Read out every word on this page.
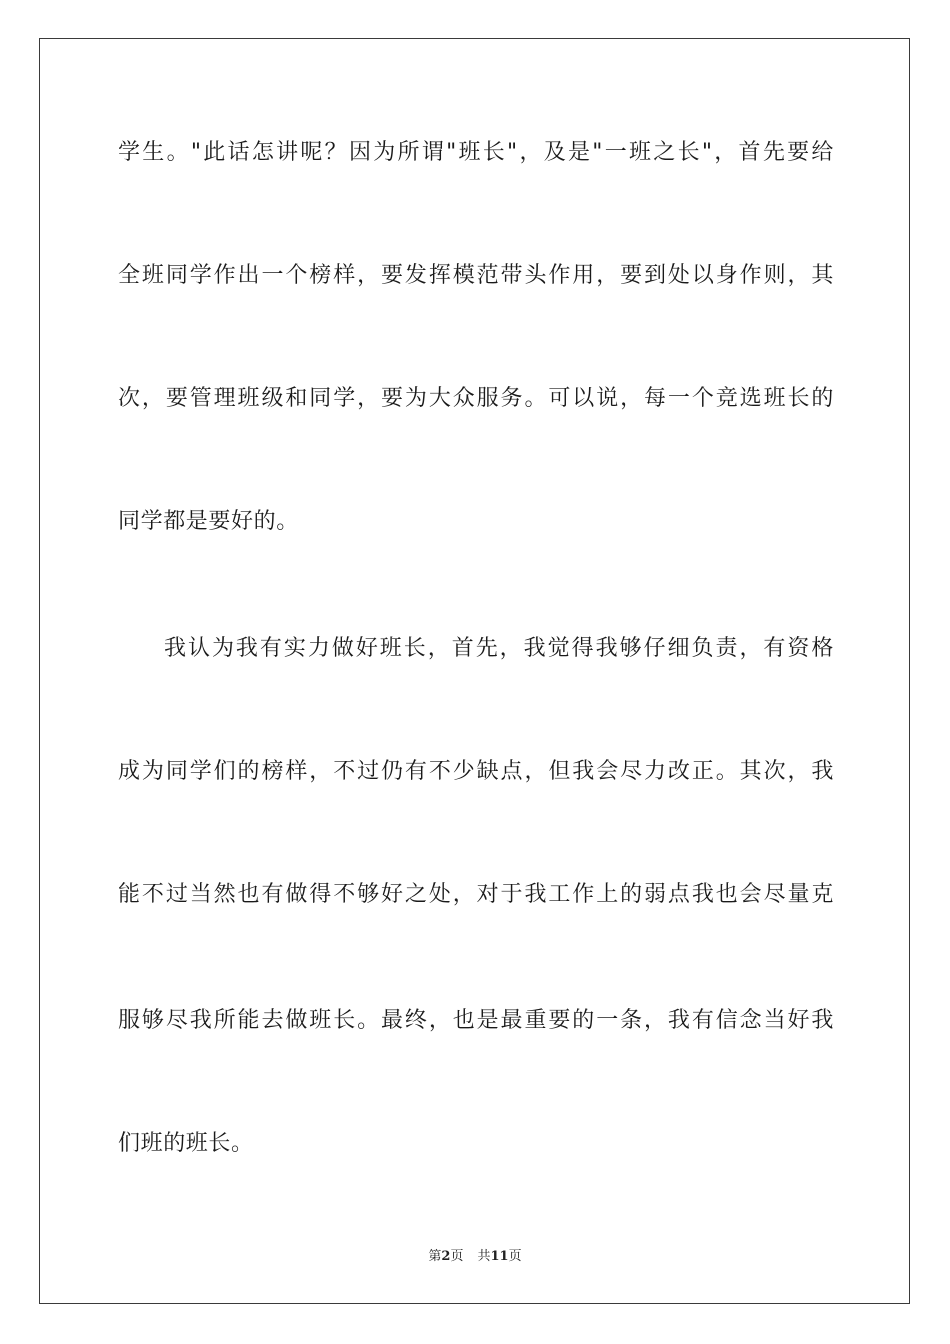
学生。"此话怎讲呢？因为所谓"班长"，及是"一班之长"，首先要给
全班同学作出一个榜样，要发挥模范带头作用，要到处以身作则，其
次，要管理班级和同学，要为大众服务。可以说，每一个竞选班长的
同学都是要好的。
我认为我有实力做好班长，首先，我觉得我够仔细负责，有资格
成为同学们的榜样，不过仍有不少缺点，但我会尽力改正。其次，我
能不过当然也有做得不够好之处，对于我工作上的弱点我也会尽量克
服够尽我所能去做班长。最终，也是最重要的一条，我有信念当好我
们班的班长。
第2页 共11页
